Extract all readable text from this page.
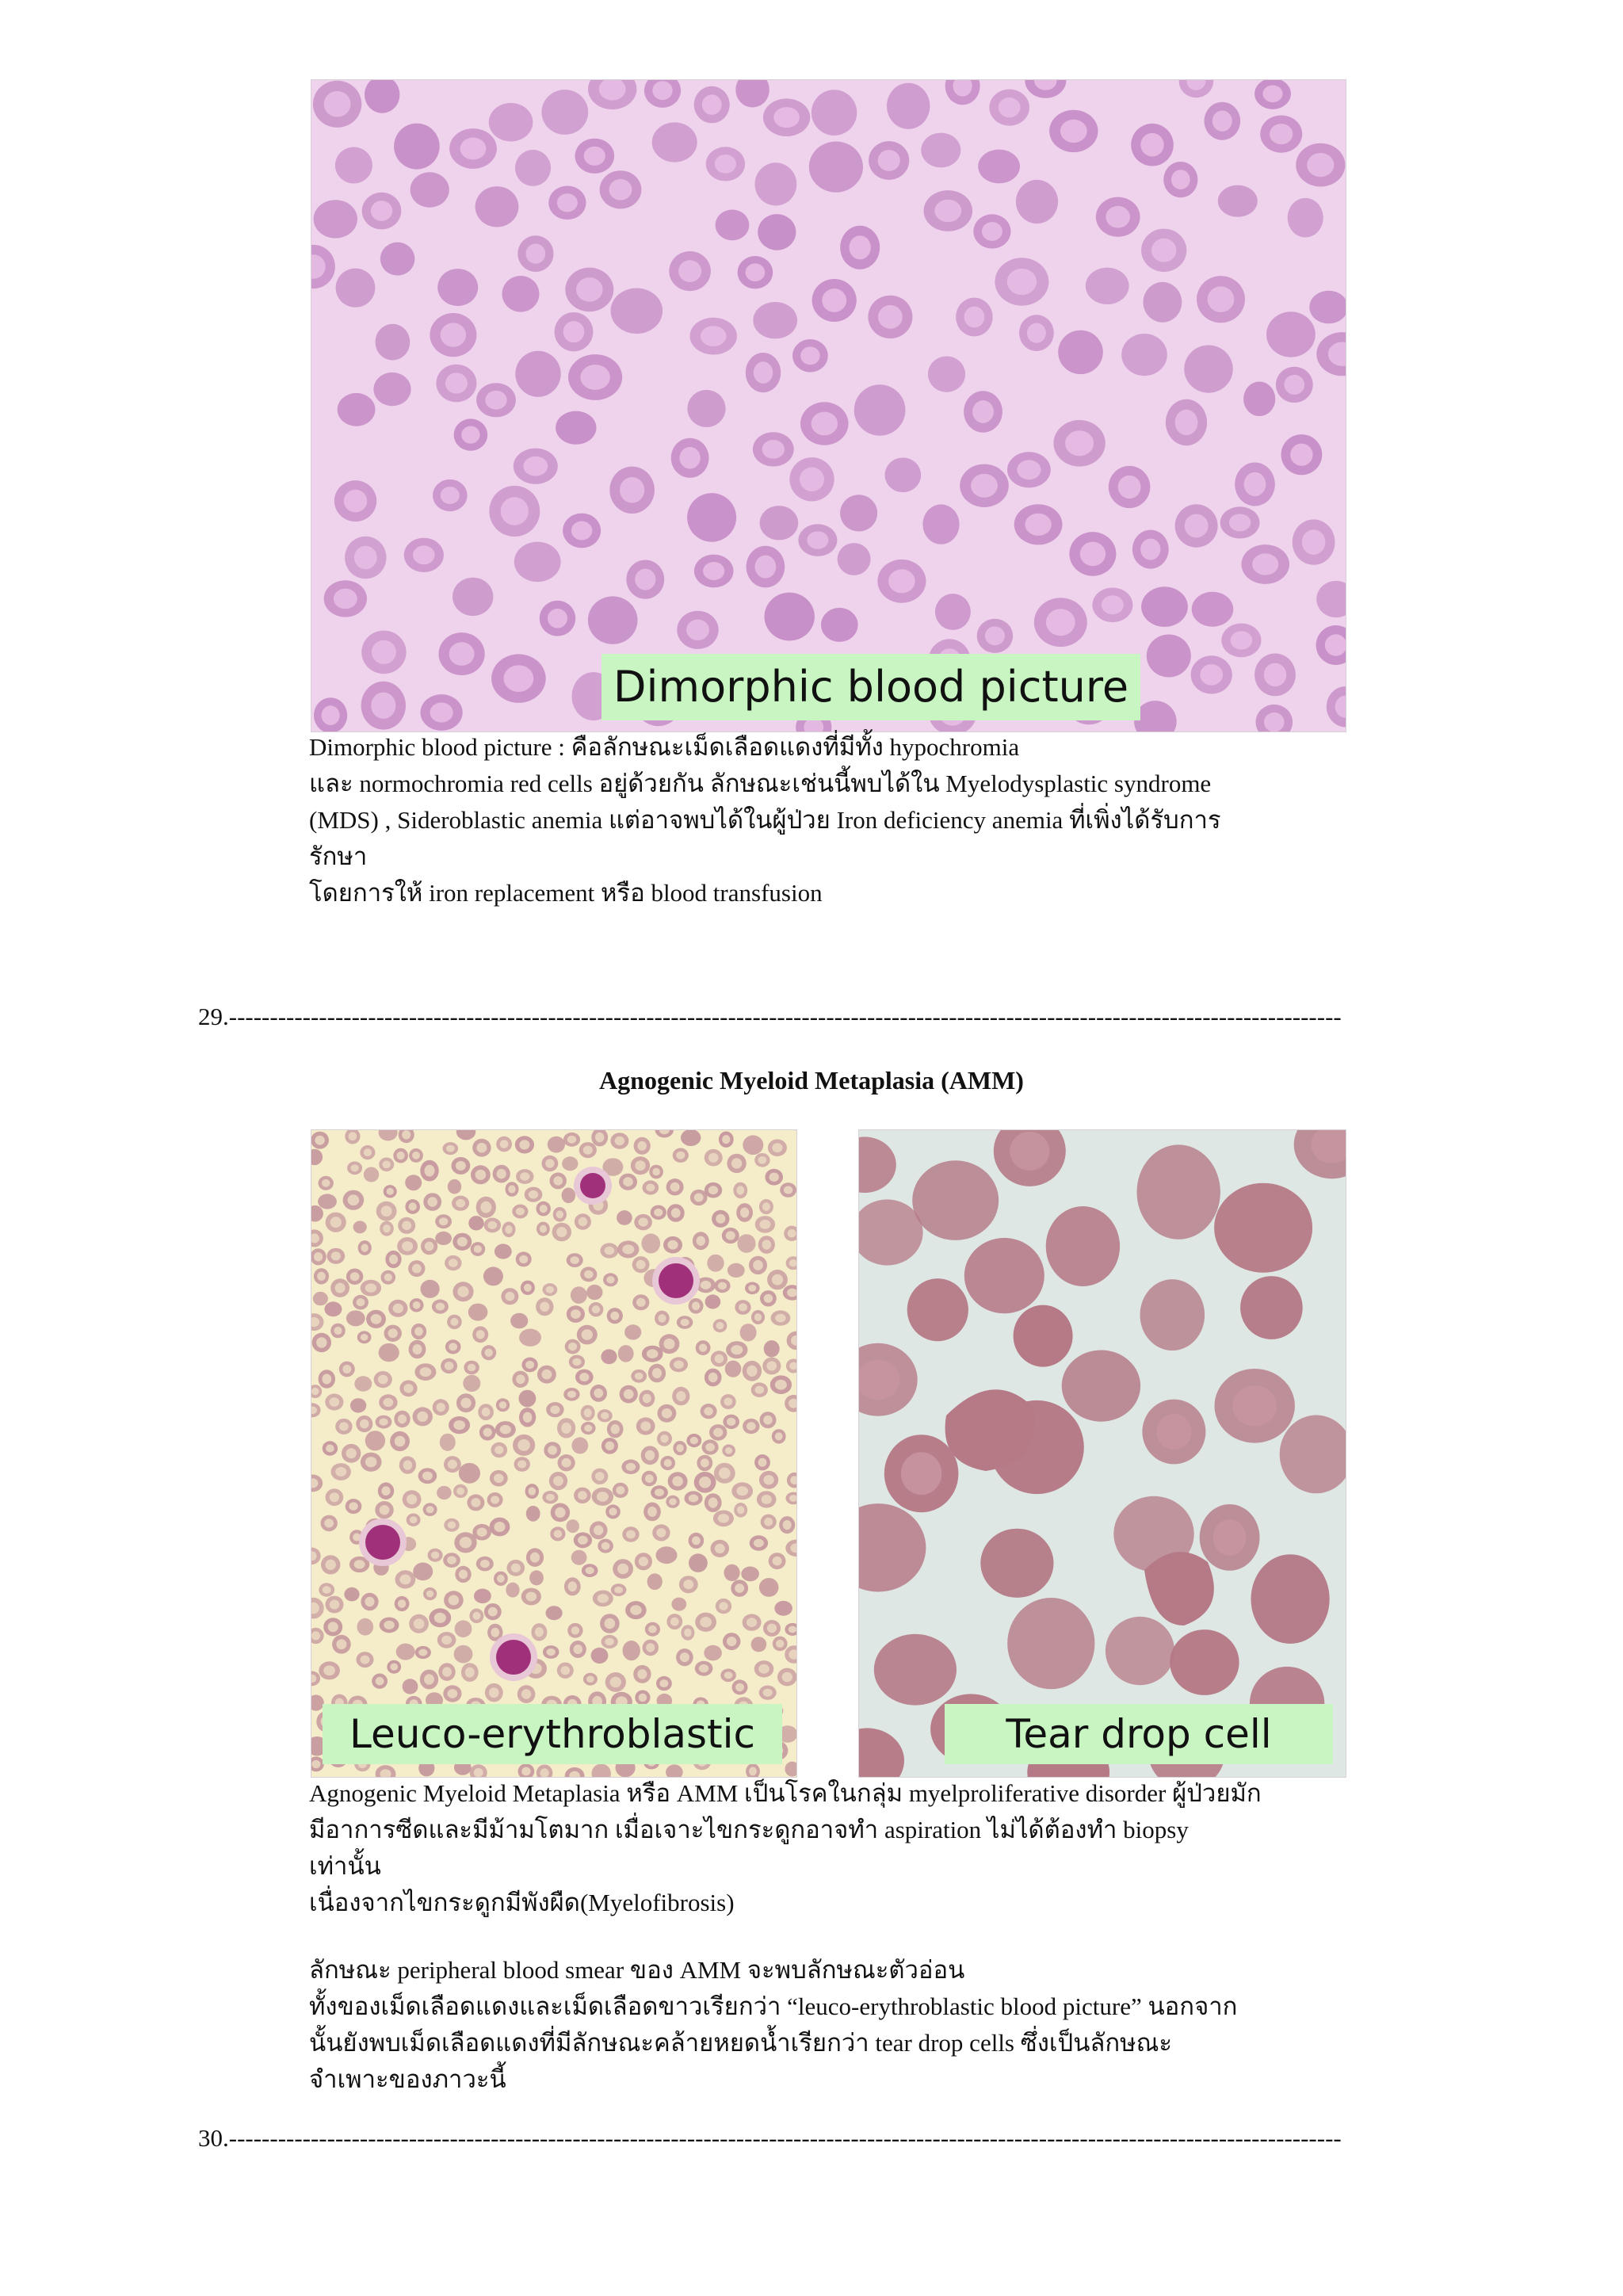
Dimorphic blood picture

Dimorphic blood picture : คือลักษณะเม็ดเลือดแดงที่มีทั้ง hypochromia

และ normochromia red cells อยู่ด้วยกัน ลักษณะเช่นนี้พบได้ใน Myelodysplastic syndrome

(MDS) , Sideroblastic anemia แต่อาจพบได้ในผู้ป่วย Iron deficiency anemia ที่เพิ่งได้รับการ

รักษา

โดยการให้ iron replacement หรือ blood transfusion

29.----------------------------------------------------------------------------------------------------------------------------------------
Agnogenic Myeloid Metaplasia (AMM)
Leuco-erythroblastic	Tear drop cell

Agnogenic Myeloid Metaplasia หรือ AMM เป็นโรคในกลุ่ม myelproliferative disorder ผู้ป่วยมัก

มีอาการซีดและมีม้ามโตมาก เมื่อเจาะไขกระดูกอาจทำ aspiration ไม่ได้ต้องทำ biopsy

เท่านั้น

เนื่องจากไขกระดูกมีพังผืด(Myelofibrosis)

ลักษณะ peripheral blood smear ของ AMM จะพบลักษณะตัวอ่อน

ทั้งของเม็ดเลือดแดงและเม็ดเลือดขาวเรียกว่า “leuco-erythroblastic blood picture” นอกจาก

นั้นยังพบเม็ดเลือดแดงที่มีลักษณะคล้ายหยดน้ำเรียกว่า tear drop cells ซึ่งเป็นลักษณะ

จำเพาะของภาวะนี้

30.----------------------------------------------------------------------------------------------------------------------------------------
